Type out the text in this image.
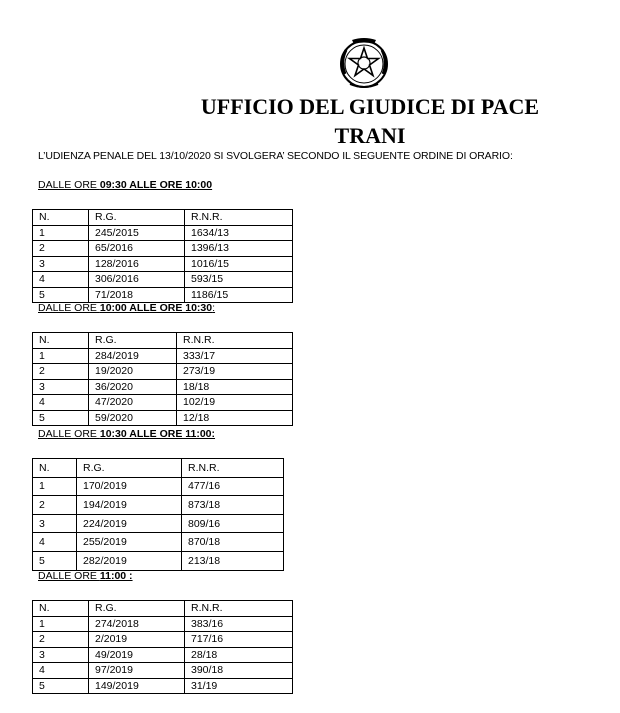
UFFICIO DEL GIUDICE DI PACE
TRANI
L’UDIENZA PENALE DEL 13/10/2020 SI SVOLGERA’ SECONDO IL SEGUENTE ORDINE DI ORARIO:
DALLE ORE 09:30 ALLE ORE 10:00
N.	R.G.	R.N.R.
1	245/2015	1634/13
2	65/2016	1396/13
3	128/2016	1016/15
4	306/2016	593/15
5	71/2018	1186/15
DALLE ORE 10:00 ALLE ORE 10:30:
N.	R.G.	R.N.R.
1	284/2019	333/17
2	19/2020	273/19
3	36/2020	18/18
4	47/2020	102/19
5	59/2020	12/18
DALLE ORE 10:30 ALLE ORE 11:00:
N.	R.G.	R.N.R.
1	170/2019	477/16
2	194/2019	873/18
3	224/2019	809/16
4	255/2019	870/18
5	282/2019	213/18
DALLE ORE 11:00 :
N.	R.G.	R.N.R.
1	274/2018	383/16
2	2/2019	717/16
3	49/2019	28/18
4	97/2019	390/18
5	149/2019	31/19
